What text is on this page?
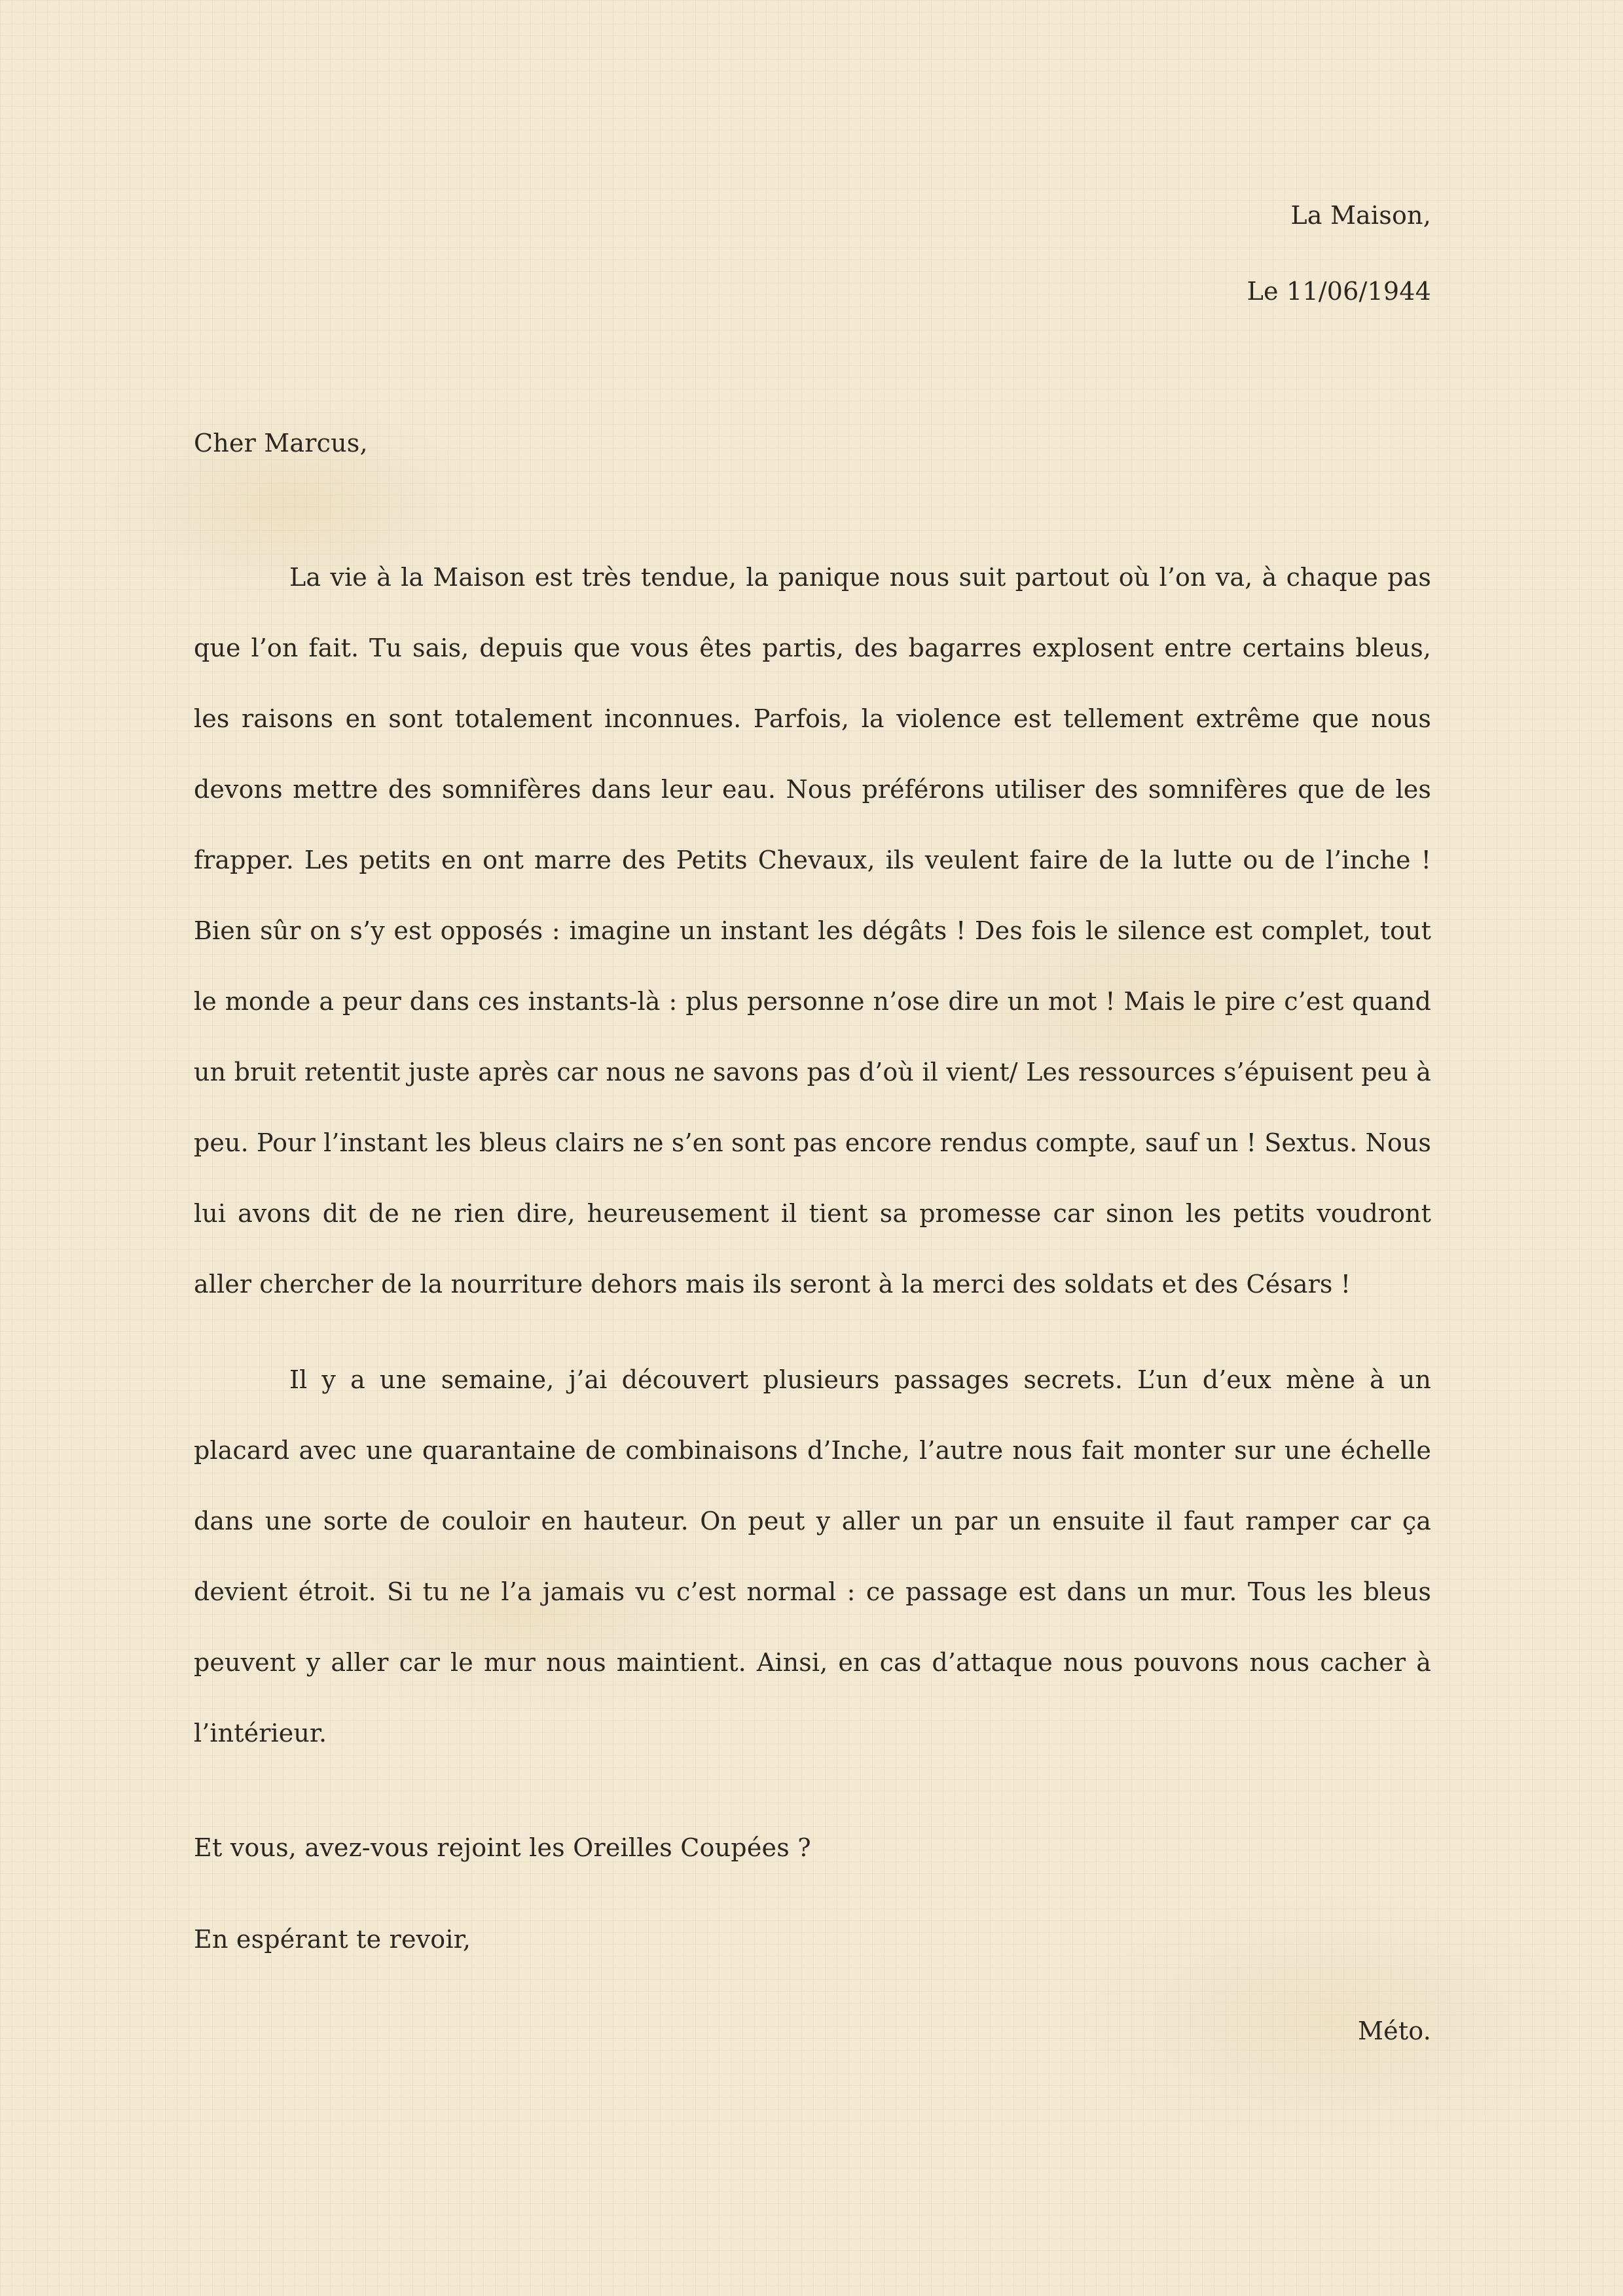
La Maison,
Le 11/06/1944
Cher Marcus,

La vie à la Maison est très tendue, la panique nous suit partout où l’on va, à chaque pas que l’on fait. Tu sais, depuis que vous êtes partis, des bagarres explosent entre certains bleus, les raisons en sont totalement inconnues. Parfois, la violence est tellement extrême que nous devons mettre des somnifères dans leur eau. Nous préférons utiliser des somnifères que de les frapper. Les petits en ont marre des Petits Chevaux, ils veulent faire de la lutte ou de l’inche ! Bien sûr on s’y est opposés : imagine un instant les dégâts ! Des fois le silence est complet, tout le monde a peur dans ces instants-là : plus personne n’ose dire un mot ! Mais le pire c’est quand un bruit retentit juste après car nous ne savons pas d’où il vient/ Les ressources s’épuisent peu à peu. Pour l’instant les bleus clairs ne s’en sont pas encore rendus compte, sauf un ! Sextus. Nous lui avons dit de ne rien dire, heureusement il tient sa promesse car sinon les petits voudront aller chercher de la nourriture dehors mais ils seront à la merci des soldats et des Césars !

Il y a une semaine, j’ai découvert plusieurs passages secrets. L’un d’eux mène à un placard avec une quarantaine de combinaisons d’Inche, l’autre nous fait monter sur une échelle dans une sorte de couloir en hauteur. On peut y aller un par un ensuite il faut ramper car ça devient étroit. Si tu ne l’a jamais vu c’est normal : ce passage est dans un mur. Tous les bleus peuvent y aller car le mur nous maintient. Ainsi, en cas d’attaque nous pouvons nous cacher à l’intérieur.

Et vous, avez-vous rejoint les Oreilles Coupées ?
En espérant te revoir,
Méto.
